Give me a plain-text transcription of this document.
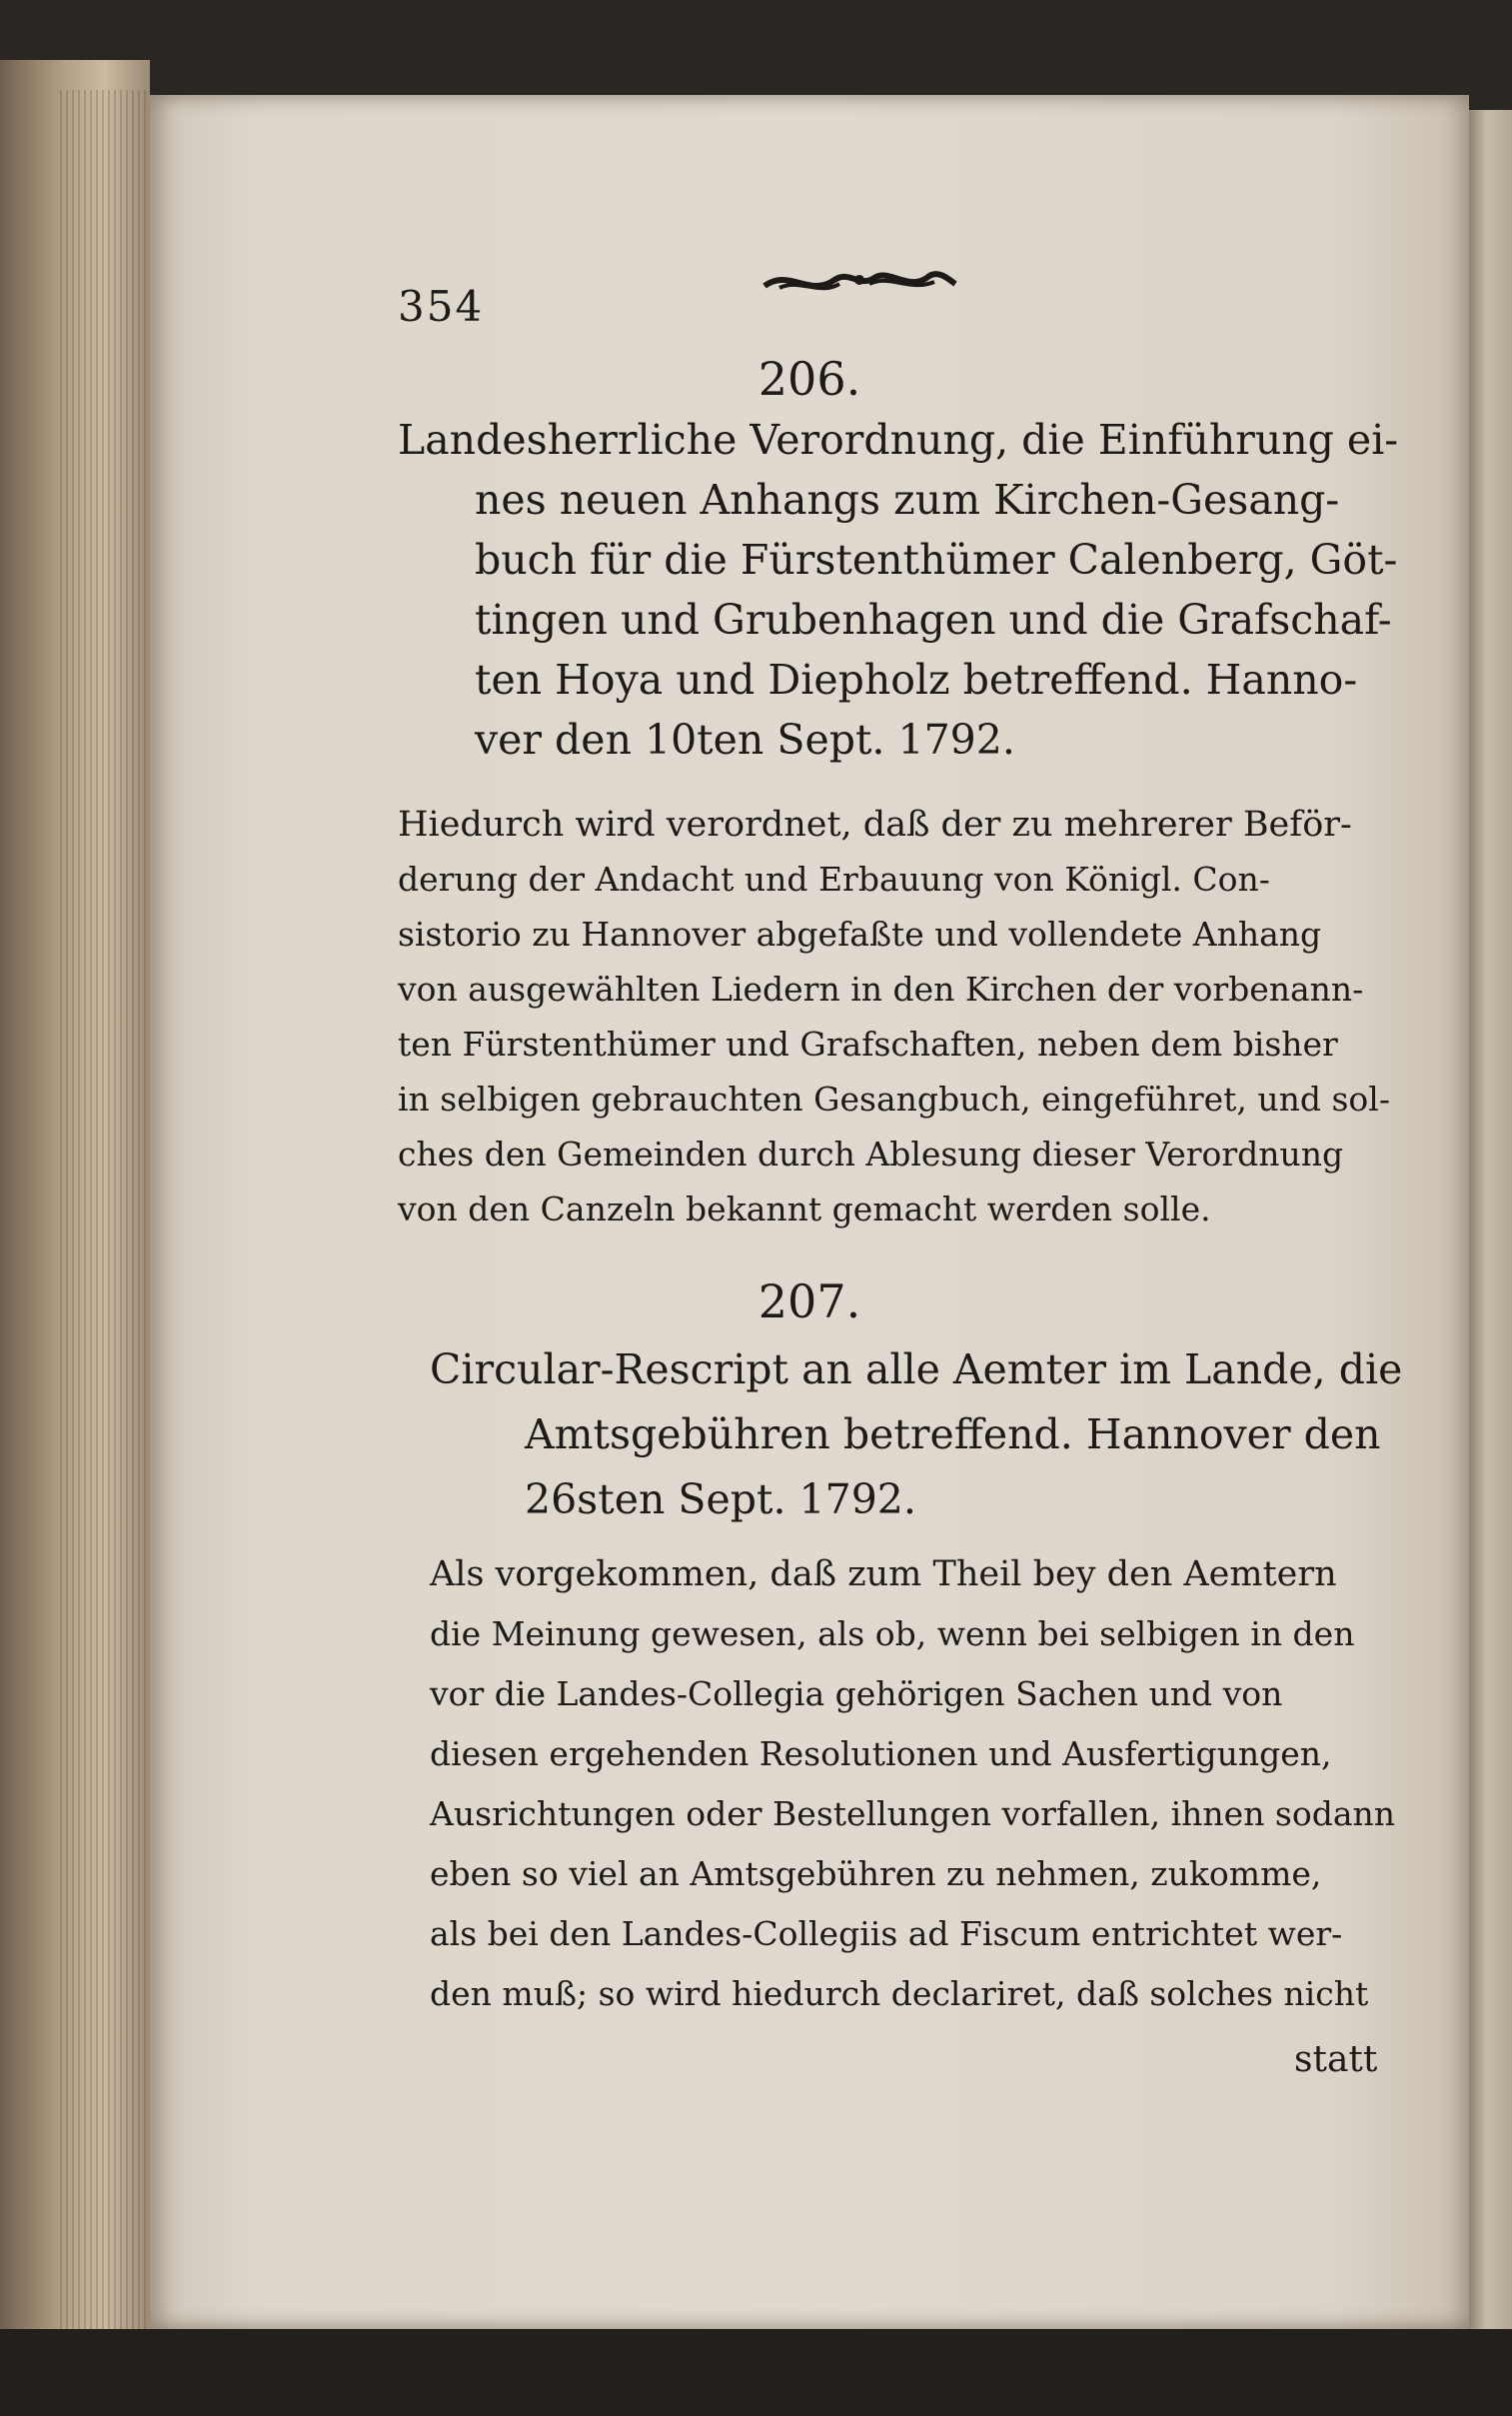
354
206.
Landesherrliche Verordnung, die Einführung ei-
nes neuen Anhangs zum Kirchen-Gesang-
buch für die Fürstenthümer Calenberg, Göt-
tingen und Grubenhagen und die Grafschaf-
ten Hoya und Diepholz betreffend. Hanno-
ver den 10ten Sept. 1792.
Hiedurch wird verordnet, daß der zu mehrerer Beför-
derung der Andacht und Erbauung von Königl. Con-
sistorio zu Hannover abgefaßte und vollendete Anhang
von ausgewählten Liedern in den Kirchen der vorbenann-
ten Fürstenthümer und Grafschaften, neben dem bisher
in selbigen gebrauchten Gesangbuch, eingeführet, und sol-
ches den Gemeinden durch Ablesung dieser Verordnung
von den Canzeln bekannt gemacht werden solle.
207.
Circular-Rescript an alle Aemter im Lande, die
Amtsgebühren betreffend. Hannover den
26sten Sept. 1792.
Als vorgekommen, daß zum Theil bey den Aemtern
die Meinung gewesen, als ob, wenn bei selbigen in den
vor die Landes-Collegia gehörigen Sachen und von
diesen ergehenden Resolutionen und Ausfertigungen,
Ausrichtungen oder Bestellungen vorfallen, ihnen sodann
eben so viel an Amtsgebühren zu nehmen, zukomme,
als bei den Landes-Collegiis ad Fiscum entrichtet wer-
den muß; so wird hiedurch declariret, daß solches nicht
statt
